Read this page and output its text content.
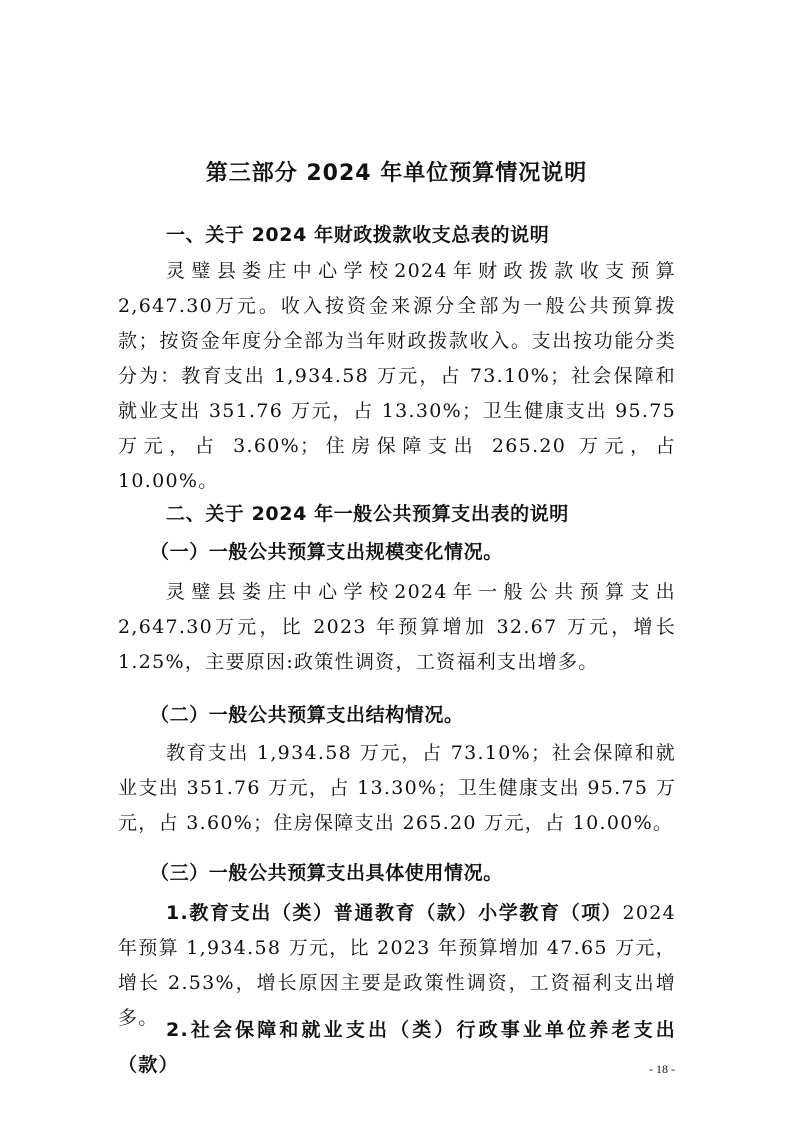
第三部分 2024 年单位预算情况说明

一、关于 2024 年财政拨款收支总表的说明

灵璧县娄庄中心学校2024年财政拨款收支预算2,647.30万元。收入按资金来源分全部为一般公共预算拨款；按资金年度分全部为当年财政拨款收入。支出按功能分类分为：教育支出 1,934.58 万元，占 73.10%；社会保障和就业支出 351.76 万元，占 13.30%；卫生健康支出 95.75 万元，占 3.60%；住房保障支出 265.20 万元，占 10.00%。

二、关于 2024 年一般公共预算支出表的说明

（一）一般公共预算支出规模变化情况。

灵璧县娄庄中心学校2024年一般公共预算支出2,647.30万元，比 2023 年预算增加 32.67 万元，增长 1.25%，主要原因:政策性调资，工资福利支出增多。

（二）一般公共预算支出结构情况。

教育支出 1,934.58 万元，占 73.10%；社会保障和就业支出 351.76 万元，占 13.30%；卫生健康支出 95.75 万元，占 3.60%；住房保障支出 265.20 万元，占 10.00%。

（三）一般公共预算支出具体使用情况。

1.教育支出（类）普通教育（款）小学教育（项）2024年预算 1,934.58 万元，比 2023 年预算增加 47.65 万元，增长 2.53%，增长原因主要是政策性调资，工资福利支出增多。

2.社会保障和就业支出（类）行政事业单位养老支出（款）	- 18 -
